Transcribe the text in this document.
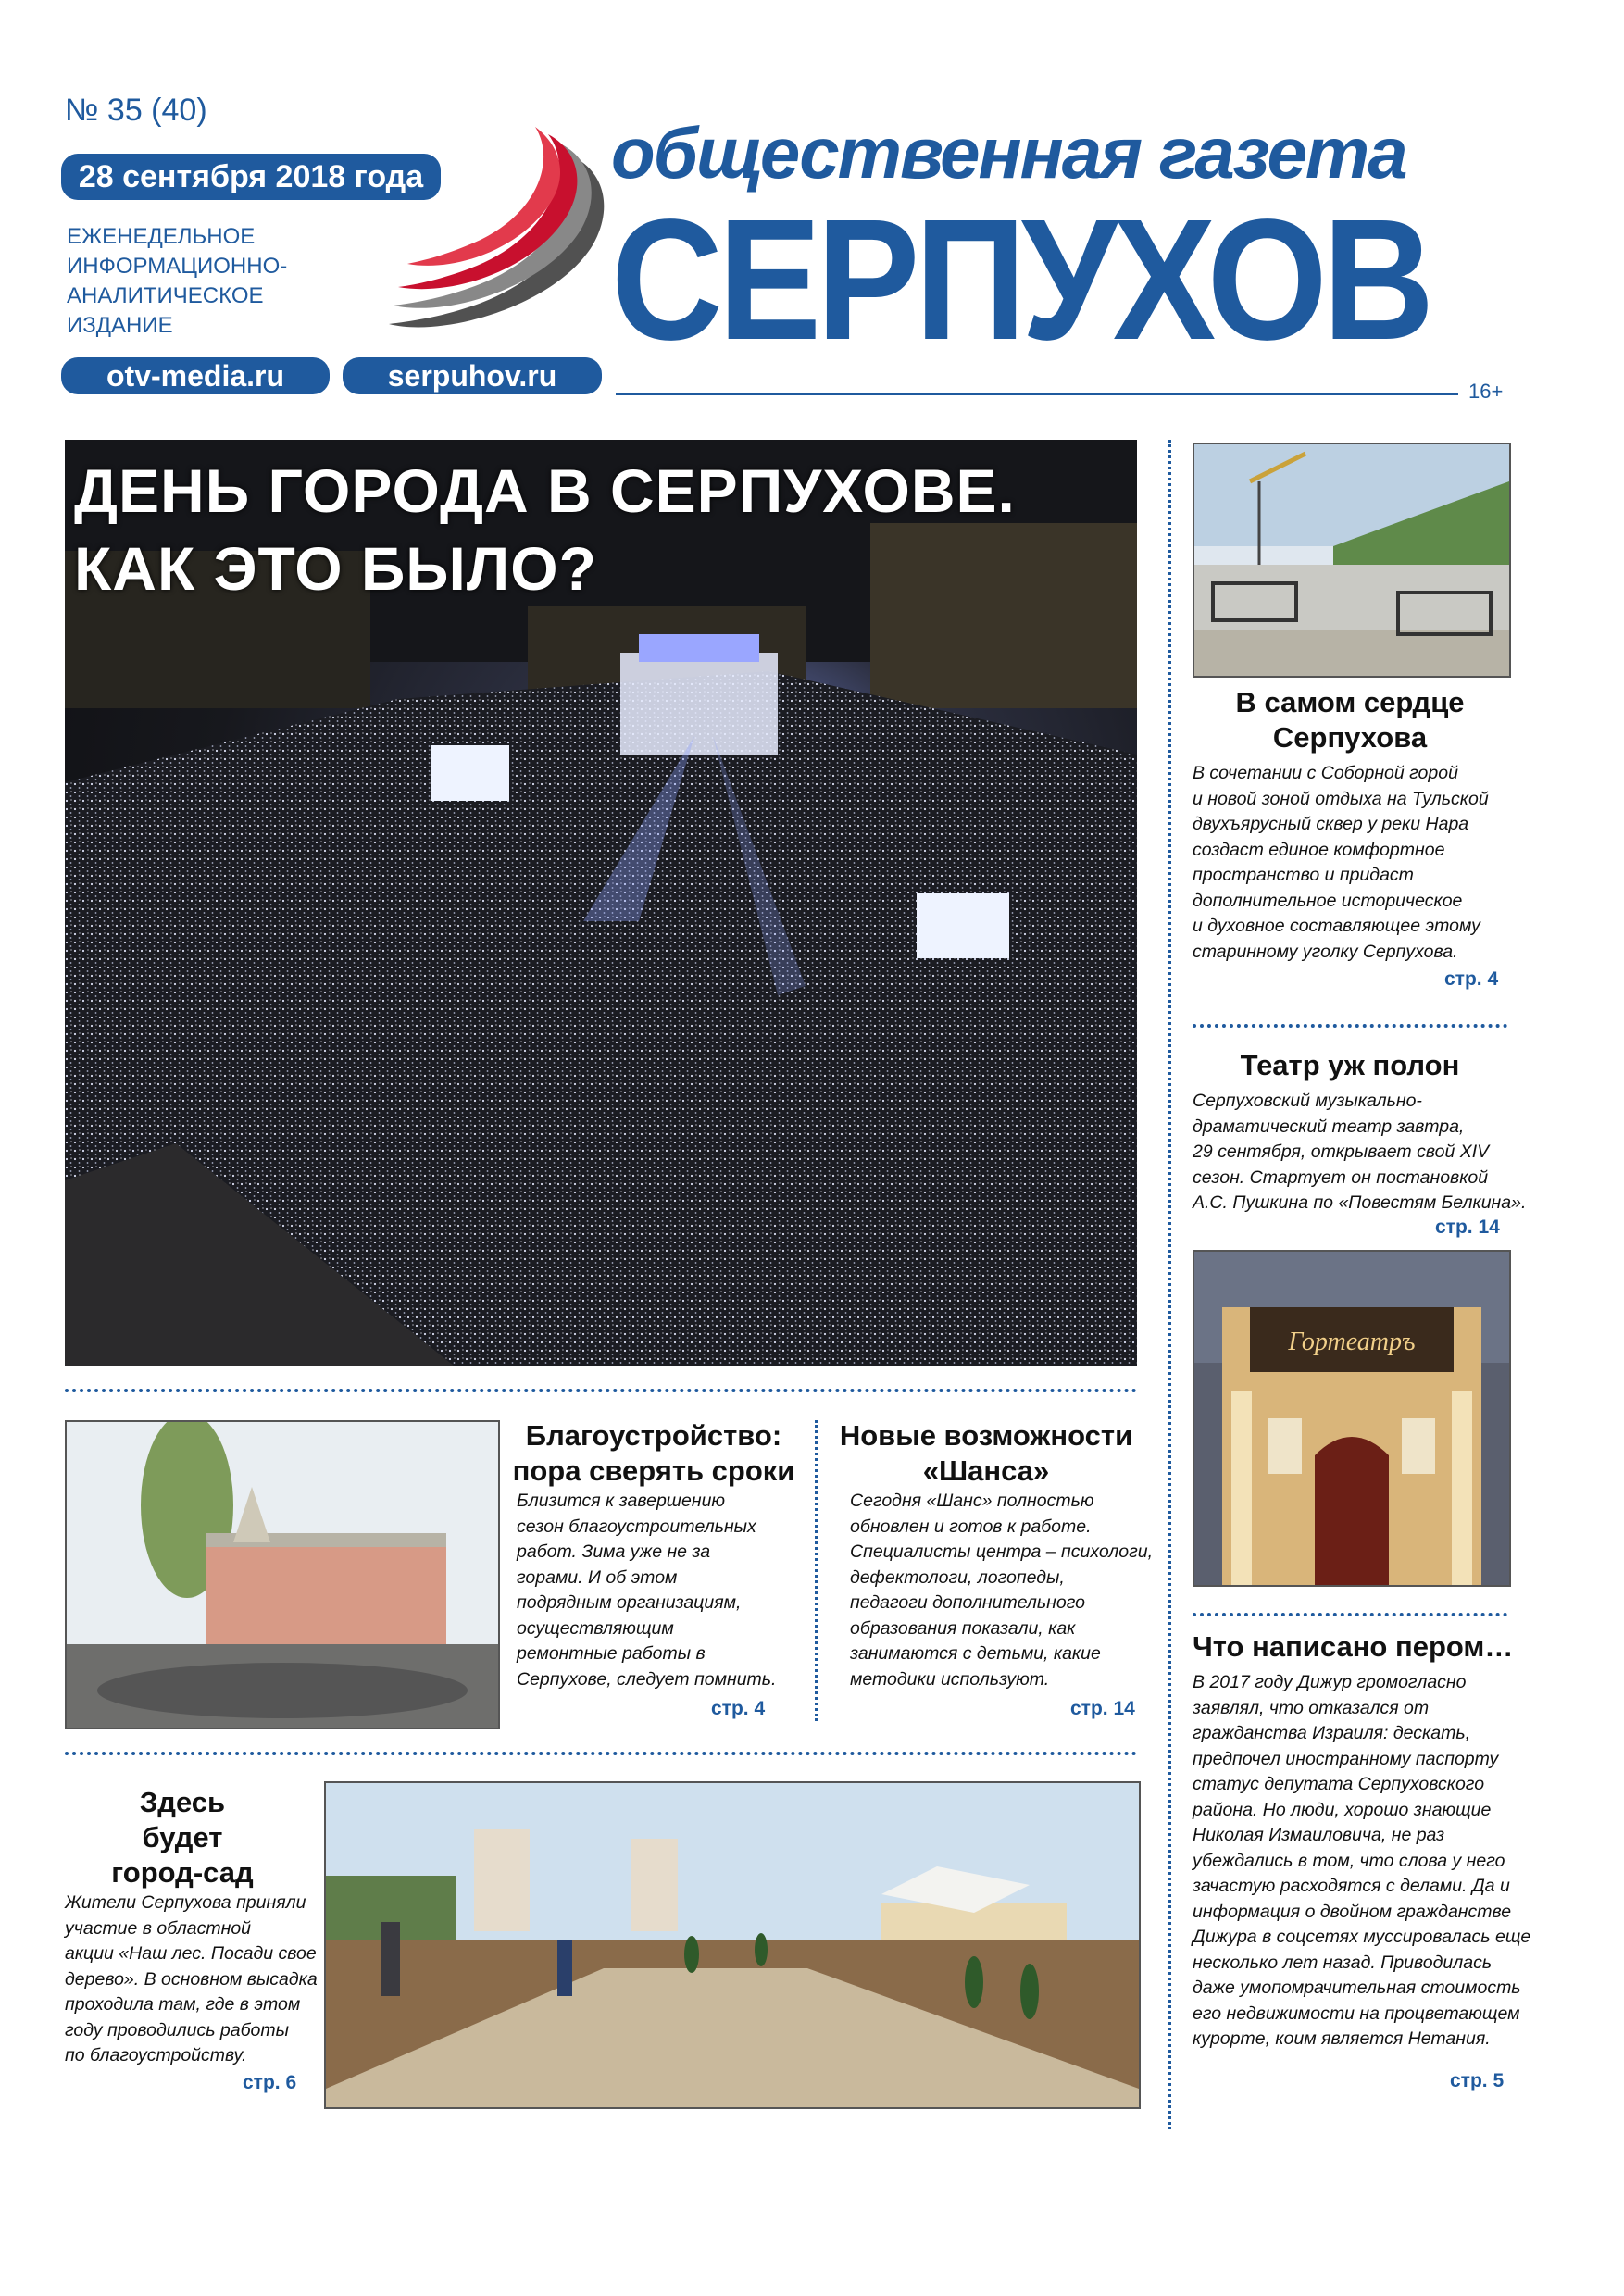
№ 35 (40)
28 сентября 2018 года
ЕЖЕНЕДЕЛЬНОЕ
ИНФОРМАЦИОННО-
АНАЛИТИЧЕСКОЕ
ИЗДАНИЕ
otv-media.ru	serpuhov.ru
общественная газета
СЕРПУХОВ
16+
ДЕНЬ ГОРОДА В СЕРПУХОВЕ.
КАК ЭТО БЫЛО?
В самом сердце
Серпухова
В сочетании с Соборной горой
и новой зоной отдыха на Тульской
двухъярусный сквер у реки Нара
создаст единое комфортное
пространство и придаст
дополнительное историческое
и духовное составляющее этому
старинному уголку Серпухова.
стр. 4
Театр уж полон
Серпуховский музыкально-
драматический театр завтра,
29 сентября, открывает свой XIV
сезон. Стартует он постановкой
А.С. Пушкина по «Повестям Белкина».
стр. 14
Гортеатръ
Что написано пером…
В 2017 году Дижур громогласно
заявлял, что отказался от
гражданства Израиля: дескать,
предпочел иностранному паспорту
статус депутата Серпуховского
района. Но люди, хорошо знающие
Николая Измаиловича, не раз
убеждались в том, что слова у него
зачастую расходятся с делами. Да и
информация о двойном гражданстве
Дижура в соцсетях муссировалась еще
несколько лет назад. Приводилась
даже умопомрачительная стоимость
его недвижимости на процветающем
курорте, коим является Нетания.
стр. 5
Благоустройство:
пора сверять сроки
Близится к завершению
сезон благоустроительных
работ. Зима уже не за
горами. И об этом
подрядным организациям,
осуществляющим
ремонтные работы в
Серпухове, следует помнить.
стр. 4
Новые возможности
«Шанса»
Сегодня «Шанс» полностью
обновлен и готов к работе.
Специалисты центра – психологи,
дефектологи, логопеды,
педагоги дополнительного
образования показали, как
занимаются с детьми, какие
методики используют.
стр. 14
Здесь
будет
город-сад
Жители Серпухова приняли
участие в областной
акции «Наш лес. Посади свое
дерево». В основном высадка
проходила там, где в этом
году проводились работы
по благоустройству.
стр. 6
